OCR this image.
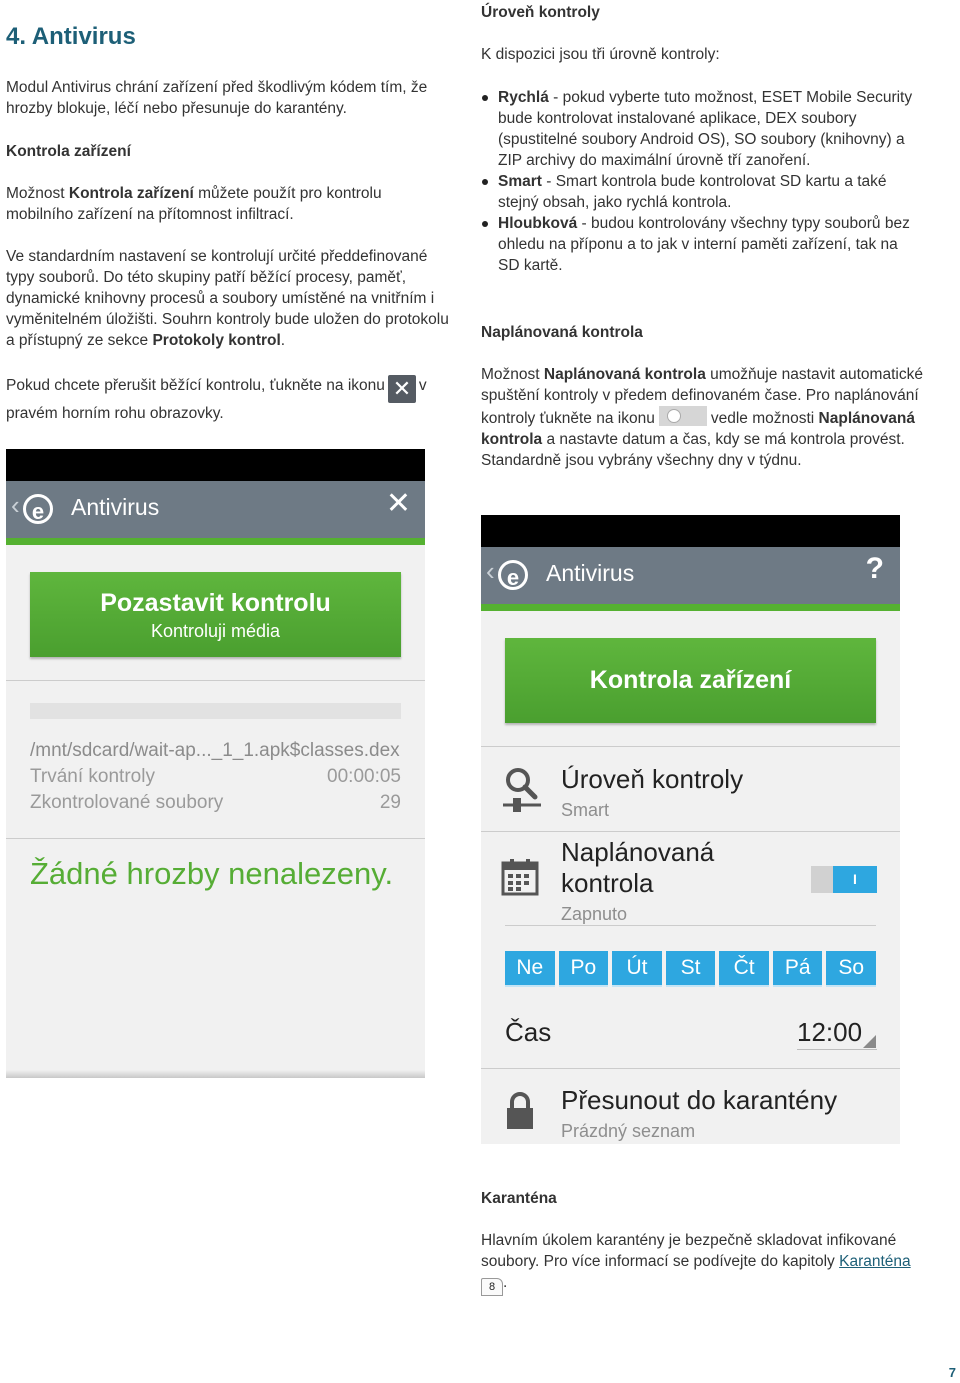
4. Antivirus

Modul Antivirus chrání zařízení před škodlivým kódem tím, že hrozby blokuje, léčí nebo přesunuje do karantény.

Kontrola zařízení

Možnost Kontrola zařízení můžete použít pro kontrolu mobilního zařízení na přítomnost infiltrací.

Ve standardním nastavení se kontrolují určité předdefinované typy souborů. Do této skupiny patří běžící procesy, paměť, dynamické knihovny procesů a soubory umístěné na vnitřním i vyměnitelném úložišti. Souhrn kontroly bude uložen do protokolu a přístupný ze sekce Protokoly kontrol.

Pokud chcete přerušit běžící kontrolu, ťukněte na ikonu ✕ v pravém horním rohu obrazovky.

‹ e	Antivirus	✕
Pozastavit kontrolu
Kontroluji média
/mnt/sdcard/wait-ap..._1_1.apk$classes.dex
Trvání kontroly	00:00:05
Zkontrolované soubory	29
Žádné hrozby nenalezeny.

Úroveň kontroly

K dispozici jsou tři úrovně kontroly:

Rychlá - pokud vyberte tuto možnost, ESET Mobile Security bude kontrolovat instalované aplikace, DEX soubory (spustitelné soubory Android OS), SO soubory (knihovny) a ZIP archivy do maximální úrovně tří zanoření.
Smart - Smart kontrola bude kontrolovat SD kartu a také stejný obsah, jako rychlá kontrola.
Hloubková - budou kontrolovány všechny typy souborů bez ohledu na příponu a to jak v interní paměti zařízení, tak na SD kartě.

Naplánovaná kontrola

Možnost Naplánovaná kontrola umožňuje nastavit automatické spuštění kontroly v předem definovaném čase. Pro naplánování kontroly ťukněte na ikonu	vedle možnosti Naplánovaná kontrola a nastavte datum a čas, kdy se má kontrola provést. Standardně jsou vybrány všechny dny v týdnu.

‹ e	Antivirus	?
Kontrola zařízení
Úroveň kontroly
Smart
Naplánovaná
kontrola
Zapnuto
I
Ne	Po	Út	St	Čt	Pá	So
Čas	12:00
Přesunout do karantény
Prázdný seznam

Karanténa

Hlavním úkolem karantény je bezpečně skladovat infikované soubory. Pro více informací se podívejte do kapitoly Karanténa
8 .

7
